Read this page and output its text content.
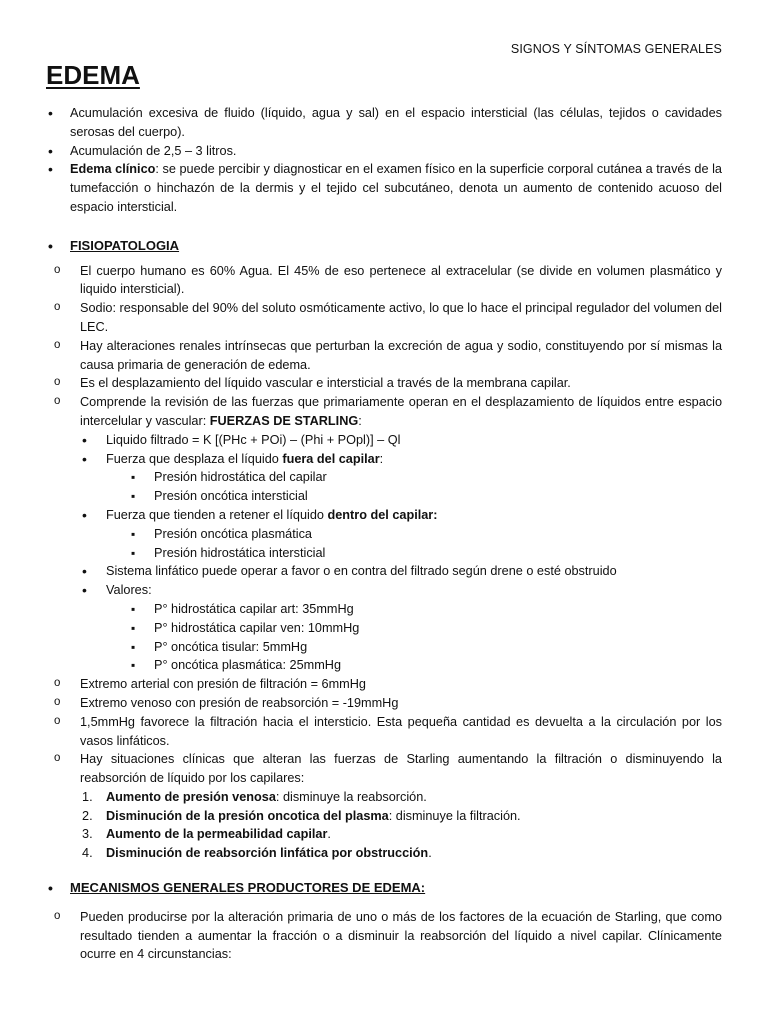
SIGNOS Y SÍNTOMAS GENERALES
EDEMA
• Acumulación excesiva de fluido (líquido, agua y sal) en el espacio intersticial (las células, tejidos o cavidades serosas del cuerpo).
• Acumulación de 2,5 – 3 litros.
• Edema clínico: se puede percibir y diagnosticar en el examen físico en la superficie corporal cutánea a través de la tumefacción o hinchazón de la dermis y el tejido cel subcutáneo, denota un aumento de contenido acuoso del espacio intersticial.
• FISIOPATOLOGIA
o El cuerpo humano es 60% Agua. El 45% de eso pertenece al extracelular (se divide en volumen plasmático y liquido intersticial).
o Sodio: responsable del 90% del soluto osmóticamente activo, lo que lo hace el principal regulador del volumen del LEC.
o Hay alteraciones renales intrínsecas que perturban la excreción de agua y sodio, constituyendo por sí mismas la causa primaria de generación de edema.
o Es el desplazamiento del líquido vascular e intersticial a través de la membrana capilar.
o Comprende la revisión de las fuerzas que primariamente operan en el desplazamiento de líquidos entre espacio intercelular y vascular: FUERZAS DE STARLING:
• Liquido filtrado = K [(PHc + POi) – (Phi + POpl)] – Ql
• Fuerza que desplaza el líquido fuera del capilar:
▪ Presión hidrostática del capilar
▪ Presión oncótica intersticial
• Fuerza que tienden a retener el líquido dentro del capilar:
▪ Presión oncótica plasmática
▪ Presión hidrostática intersticial
• Sistema linfático puede operar a favor o en contra del filtrado según drene o esté obstruido
• Valores:
▪ P° hidrostática capilar art: 35mmHg
▪ P° hidrostática capilar ven: 10mmHg
▪ P° oncótica tisular: 5mmHg
▪ P° oncótica plasmática: 25mmHg
o Extremo arterial con presión de filtración = 6mmHg
o Extremo venoso con presión de reabsorción = -19mmHg
o 1,5mmHg favorece la filtración hacia el intersticio. Esta pequeña cantidad es devuelta a la circulación por los vasos linfáticos.
o Hay situaciones clínicas que alteran las fuerzas de Starling aumentando la filtración o disminuyendo la reabsorción de líquido por los capilares:
Aumento de presión venosa: disminuye la reabsorción.
Disminución de la presión oncotica del plasma: disminuye la filtración.
Aumento de la permeabilidad capilar.
Disminución de reabsorción linfática por obstrucción.
• MECANISMOS GENERALES PRODUCTORES DE EDEMA:
o Pueden producirse por la alteración primaria de uno o más de los factores de la ecuación de Starling, que como resultado tienden a aumentar la fracción o a disminuir la reabsorción del líquido a nivel capilar. Clínicamente ocurre en 4 circunstancias:
